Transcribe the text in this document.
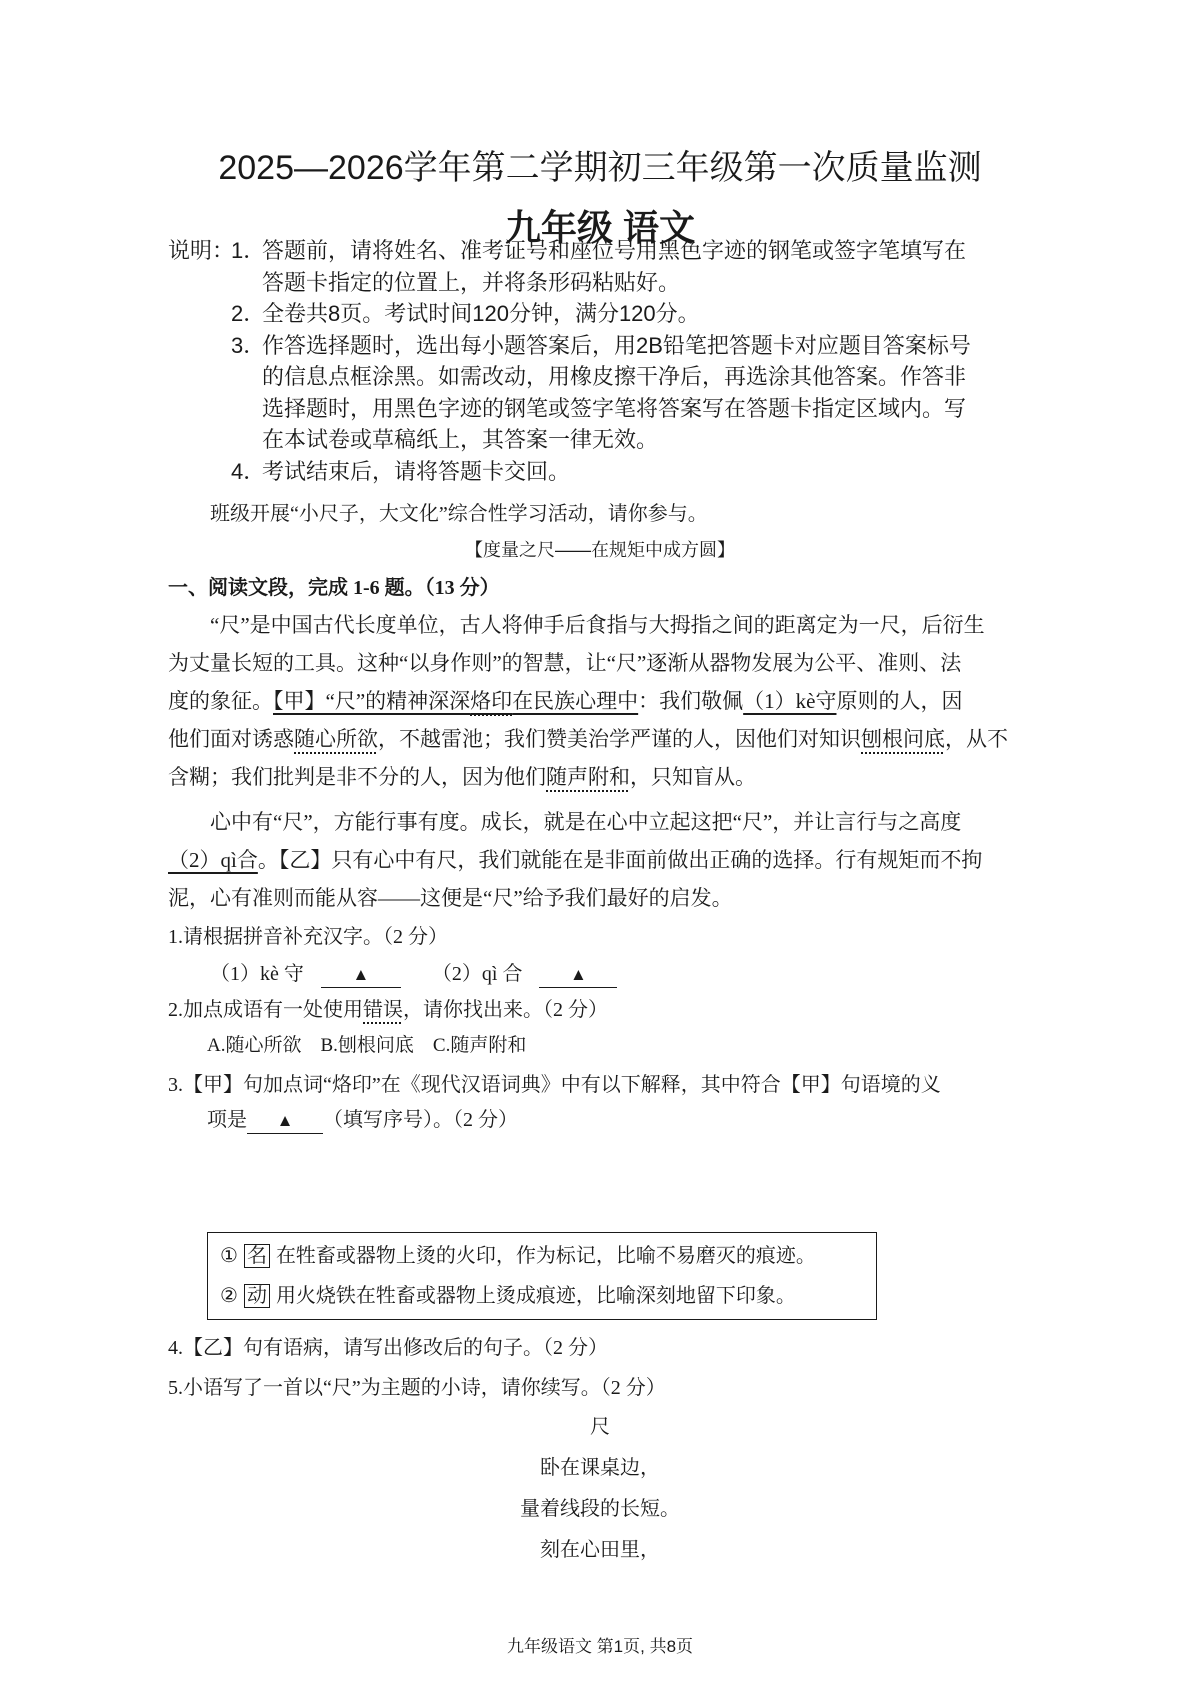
2025—2026学年第二学期初三年级第一次质量监测
九年级 语文
说明：
1．
答题前，请将姓名、准考证号和座位号用黑色字迹的钢笔或签字笔填写在
答题卡指定的位置上，并将条形码粘贴好。
2．
全卷共8页。考试时间120分钟，满分120分。
3．
作答选择题时，选出每小题答案后，用2B铅笔把答题卡对应题目答案标号
的信息点框涂黑。如需改动，用橡皮擦干净后，再选涂其他答案。作答非
选择题时，用黑色字迹的钢笔或签字笔将答案写在答题卡指定区域内。写
在本试卷或草稿纸上，其答案一律无效。
4．
考试结束后，请将答题卡交回。
班级开展“小尺子，大文化”综合性学习活动，请你参与。
【度量之尺——在规矩中成方圆】
一、阅读文段，完成 1-6 题。（13 分）
“尺”是中国古代长度单位，古人将伸手后食指与大拇指之间的距离定为一尺，后衍生
为丈量长短的工具。这种“以身作则”的智慧，让“尺”逐渐从器物发展为公平、准则、法
度的象征。【甲】“尺”的精神深深烙印在民族心理中：我们敬佩（1）kè守原则的人，因
他们面对诱惑随心所欲，不越雷池；我们赞美治学严谨的人，因他们对知识刨根问底，从不
含糊；我们批判是非不分的人，因为他们随声附和，只知盲从。
心中有“尺”，方能行事有度。成长，就是在心中立起这把“尺”，并让言行与之高度
（2）qì合。【乙】只有心中有尺，我们就能在是非面前做出正确的选择。行有规矩而不拘
泥，心有准则而能从容——这便是“尺”给予我们最好的启发。
1.请根据拼音补充汉字。（2 分）
（1）kè 守	▲	（2）qì 合	▲
2.加点成语有一处使用错误，请你找出来。（2 分）
A.随心所欲    B.刨根问底    C.随声附和
3.【甲】句加点词“烙印”在《现代汉语词典》中有以下解释，其中符合【甲】句语境的义
项是 ▲ （填写序号）。（2 分）
① 名 在牲畜或器物上烫的火印，作为标记，比喻不易磨灭的痕迹。
② 动 用火烧铁在牲畜或器物上烫成痕迹，比喻深刻地留下印象。
4.【乙】句有语病，请写出修改后的句子。（2 分）
5.小语写了一首以“尺”为主题的小诗，请你续写。（2 分）
尺
卧在课桌边，
量着线段的长短。
刻在心田里，
九年级语文 第1页, 共8页
